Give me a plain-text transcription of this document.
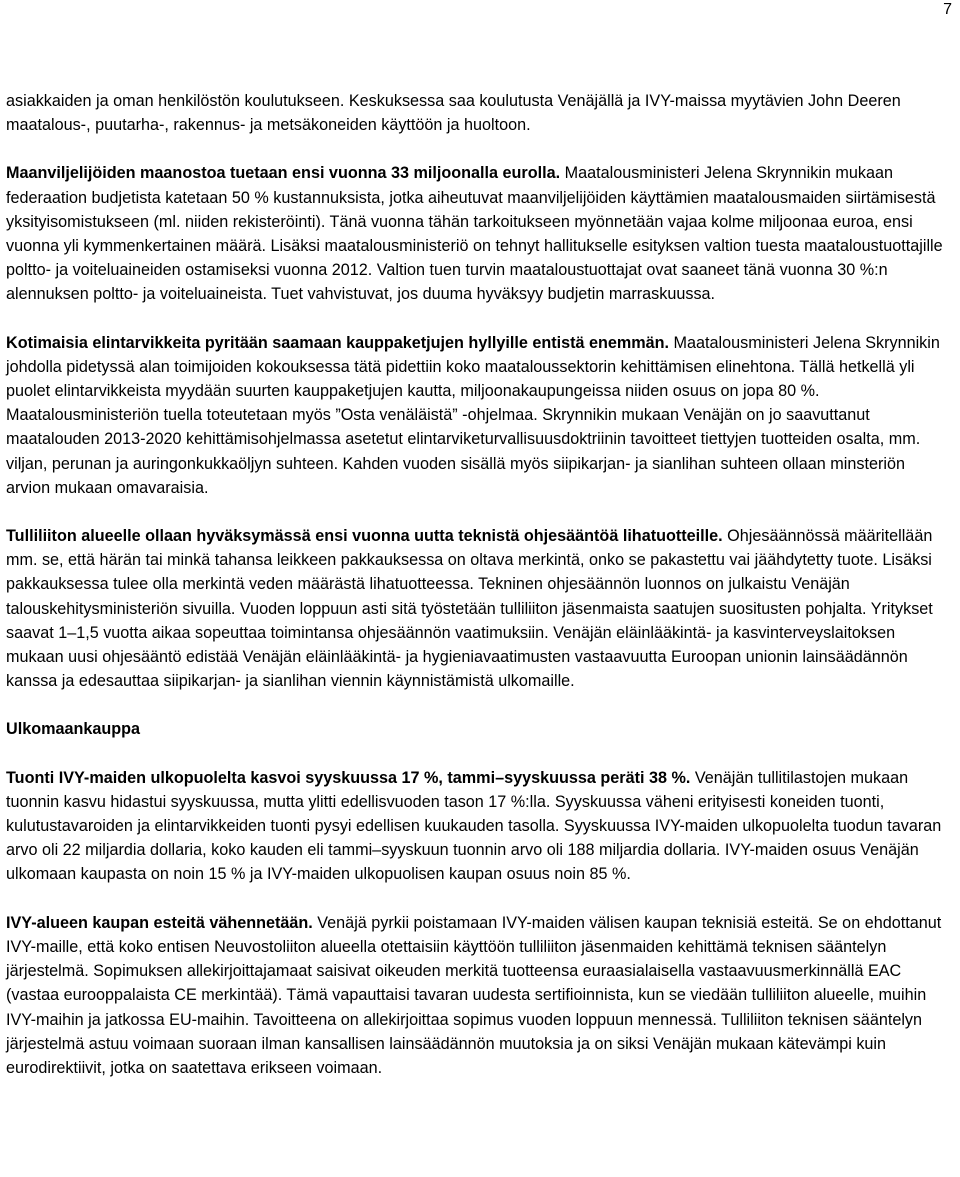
7

asiakkaiden ja oman henkilöstön koulutukseen. Keskuksessa saa koulutusta Venäjällä ja IVY-maissa myytävien John Deeren maatalous-, puutarha-, rakennus- ja metsäkoneiden käyttöön ja huoltoon.

Maanviljelijöiden maanostoa tuetaan ensi vuonna 33 miljoonalla eurolla. Maatalousministeri Jelena Skrynnikin mukaan federaation budjetista katetaan 50 % kustannuksista, jotka aiheutuvat maanviljelijöiden käyttämien maatalousmaiden siirtämisestä yksityisomistukseen (ml. niiden rekisteröinti). Tänä vuonna tähän tarkoitukseen myönnetään vajaa kolme miljoonaa euroa, ensi vuonna yli kymmenkertainen määrä. Lisäksi maatalousministeriö on tehnyt hallitukselle esityksen valtion tuesta maataloustuottajille poltto- ja voiteluaineiden ostamiseksi vuonna 2012. Valtion tuen turvin maataloustuottajat ovat saaneet tänä vuonna 30 %:n alennuksen poltto- ja voiteluaineista. Tuet vahvistuvat, jos duuma hyväksyy budjetin marraskuussa.

Kotimaisia elintarvikkeita pyritään saamaan kauppaketjujen hyllyille entistä enemmän. Maatalousministeri Jelena Skrynnikin johdolla pidetyssä alan toimijoiden kokouksessa tätä pidettiin koko maataloussektorin kehittämisen elinehtona. Tällä hetkellä yli puolet elintarvikkeista myydään suurten kauppaketjujen kautta, miljoonakaupungeissa niiden osuus on jopa 80 %. Maatalousministeriön tuella toteutetaan myös ”Osta venäläistä” -ohjelmaa. Skrynnikin mukaan Venäjän on jo saavuttanut maatalouden 2013-2020 kehittämisohjelmassa asetetut elintarviketurvallisuusdoktriinin tavoitteet tiettyjen tuotteiden osalta, mm. viljan, perunan ja auringonkukkaöljyn suhteen. Kahden vuoden sisällä myös siipikarjan- ja sianlihan suhteen ollaan minsteriön arvion mukaan omavaraisia.

Tulliliiton alueelle ollaan hyväksymässä ensi vuonna uutta teknistä ohjesääntöä lihatuotteille. Ohjesäännössä määritellään mm. se, että härän tai minkä tahansa leikkeen pakkauksessa on oltava merkintä, onko se pakastettu vai jäähdytetty tuote. Lisäksi pakkauksessa tulee olla merkintä veden määrästä lihatuotteessa. Tekninen ohjesäännön luonnos on julkaistu Venäjän talouskehitysministeriön sivuilla. Vuoden loppuun asti sitä työstetään tulliliiton jäsenmaista saatujen suositusten pohjalta. Yritykset saavat 1–1,5 vuotta aikaa sopeuttaa toimintansa ohjesäännön vaatimuksiin. Venäjän eläinlääkintä- ja kasvinterveyslaitoksen mukaan uusi ohjesääntö edistää Venäjän eläinlääkintä- ja hygieniavaatimusten vastaavuutta Euroopan unionin lainsäädännön kanssa ja edesauttaa siipikarjan- ja sianlihan viennin käynnistämistä ulkomaille.

Ulkomaankauppa

Tuonti IVY-maiden ulkopuolelta kasvoi syyskuussa 17 %, tammi–syyskuussa peräti 38 %. Venäjän tullitilastojen mukaan tuonnin kasvu hidastui syyskuussa, mutta ylitti edellisvuoden tason 17 %:lla. Syyskuussa väheni erityisesti koneiden tuonti, kulutustavaroiden ja elintarvikkeiden tuonti pysyi edellisen kuukauden tasolla. Syyskuussa IVY-maiden ulkopuolelta tuodun tavaran arvo oli 22 miljardia dollaria, koko kauden eli tammi–syyskuun tuonnin arvo oli 188 miljardia dollaria. IVY-maiden osuus Venäjän ulkomaan kaupasta on noin 15 % ja IVY-maiden ulkopuolisen kaupan osuus noin 85 %.

IVY-alueen kaupan esteitä vähennetään. Venäjä pyrkii poistamaan IVY-maiden välisen kaupan teknisiä esteitä. Se on ehdottanut IVY-maille, että koko entisen Neuvostoliiton alueella otettaisiin käyttöön tulliliiton jäsenmaiden kehittämä teknisen sääntelyn järjestelmä. Sopimuksen allekirjoittajamaat saisivat oikeuden merkitä tuotteensa euraasialaisella vastaavuusmerkinnällä EAC (vastaa eurooppalaista CE merkintää). Tämä vapauttaisi tavaran uudesta sertifioinnista, kun se viedään tulliliiton alueelle, muihin IVY-maihin ja jatkossa EU-maihin. Tavoitteena on allekirjoittaa sopimus vuoden loppuun mennessä. Tulliliiton teknisen sääntelyn järjestelmä astuu voimaan suoraan ilman kansallisen lainsäädännön muutoksia ja on siksi Venäjän mukaan kätevämpi kuin eurodirektiivit, jotka on saatettava erikseen voimaan.
